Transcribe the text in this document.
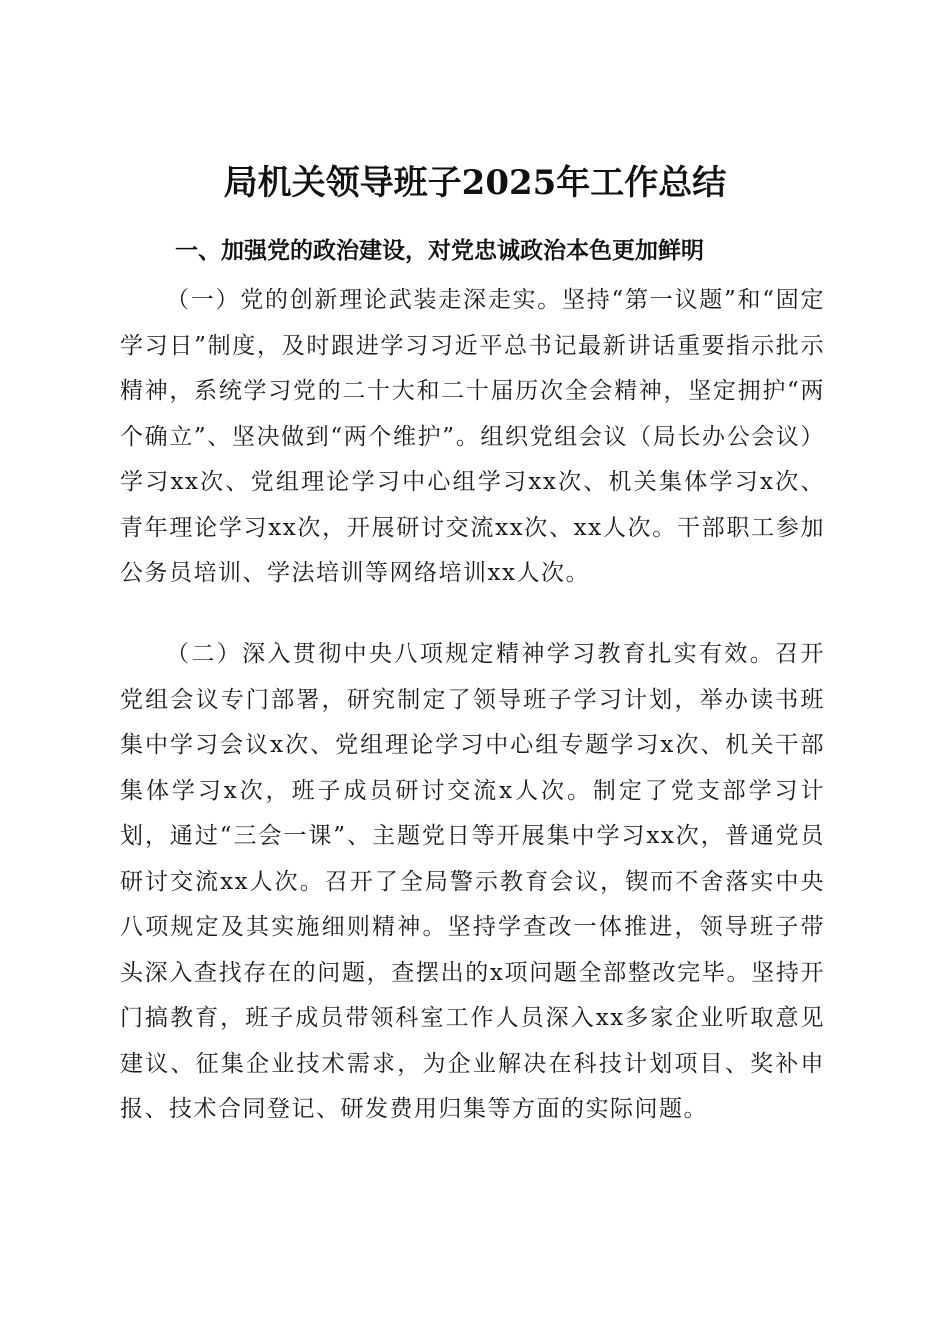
局机关领导班子2025年工作总结
一、加强党的政治建设，对党忠诚政治本色更加鲜明

（一）党的创新理论武装走深走实。坚持“第一议题”和“固定学习日”制度，及时跟进学习习近平总书记最新讲话重要指示批示精神，系统学习党的二十大和二十届历次全会精神，坚定拥护“两个确立”、坚决做到“两个维护”。组织党组会议（局长办公会议）学习xx次、党组理论学习中心组学习xx次、机关集体学习x次、青年理论学习xx次，开展研讨交流xx次、xx人次。干部职工参加公务员培训、学法培训等网络培训xx人次。

（二）深入贯彻中央八项规定精神学习教育扎实有效。召开党组会议专门部署，研究制定了领导班子学习计划，举办读书班集中学习会议x次、党组理论学习中心组专题学习x次、机关干部集体学习x次，班子成员研讨交流x人次。制定了党支部学习计划，通过“三会一课”、主题党日等开展集中学习xx次，普通党员研讨交流xx人次。召开了全局警示教育会议，锲而不舍落实中央八项规定及其实施细则精神。坚持学查改一体推进，领导班子带头深入查找存在的问题，查摆出的x项问题全部整改完毕。坚持开门搞教育，班子成员带领科室工作人员深入xx多家企业听取意见建议、征集企业技术需求，为企业解决在科技计划项目、奖补申报、技术合同登记、研发费用归集等方面的实际问题。
